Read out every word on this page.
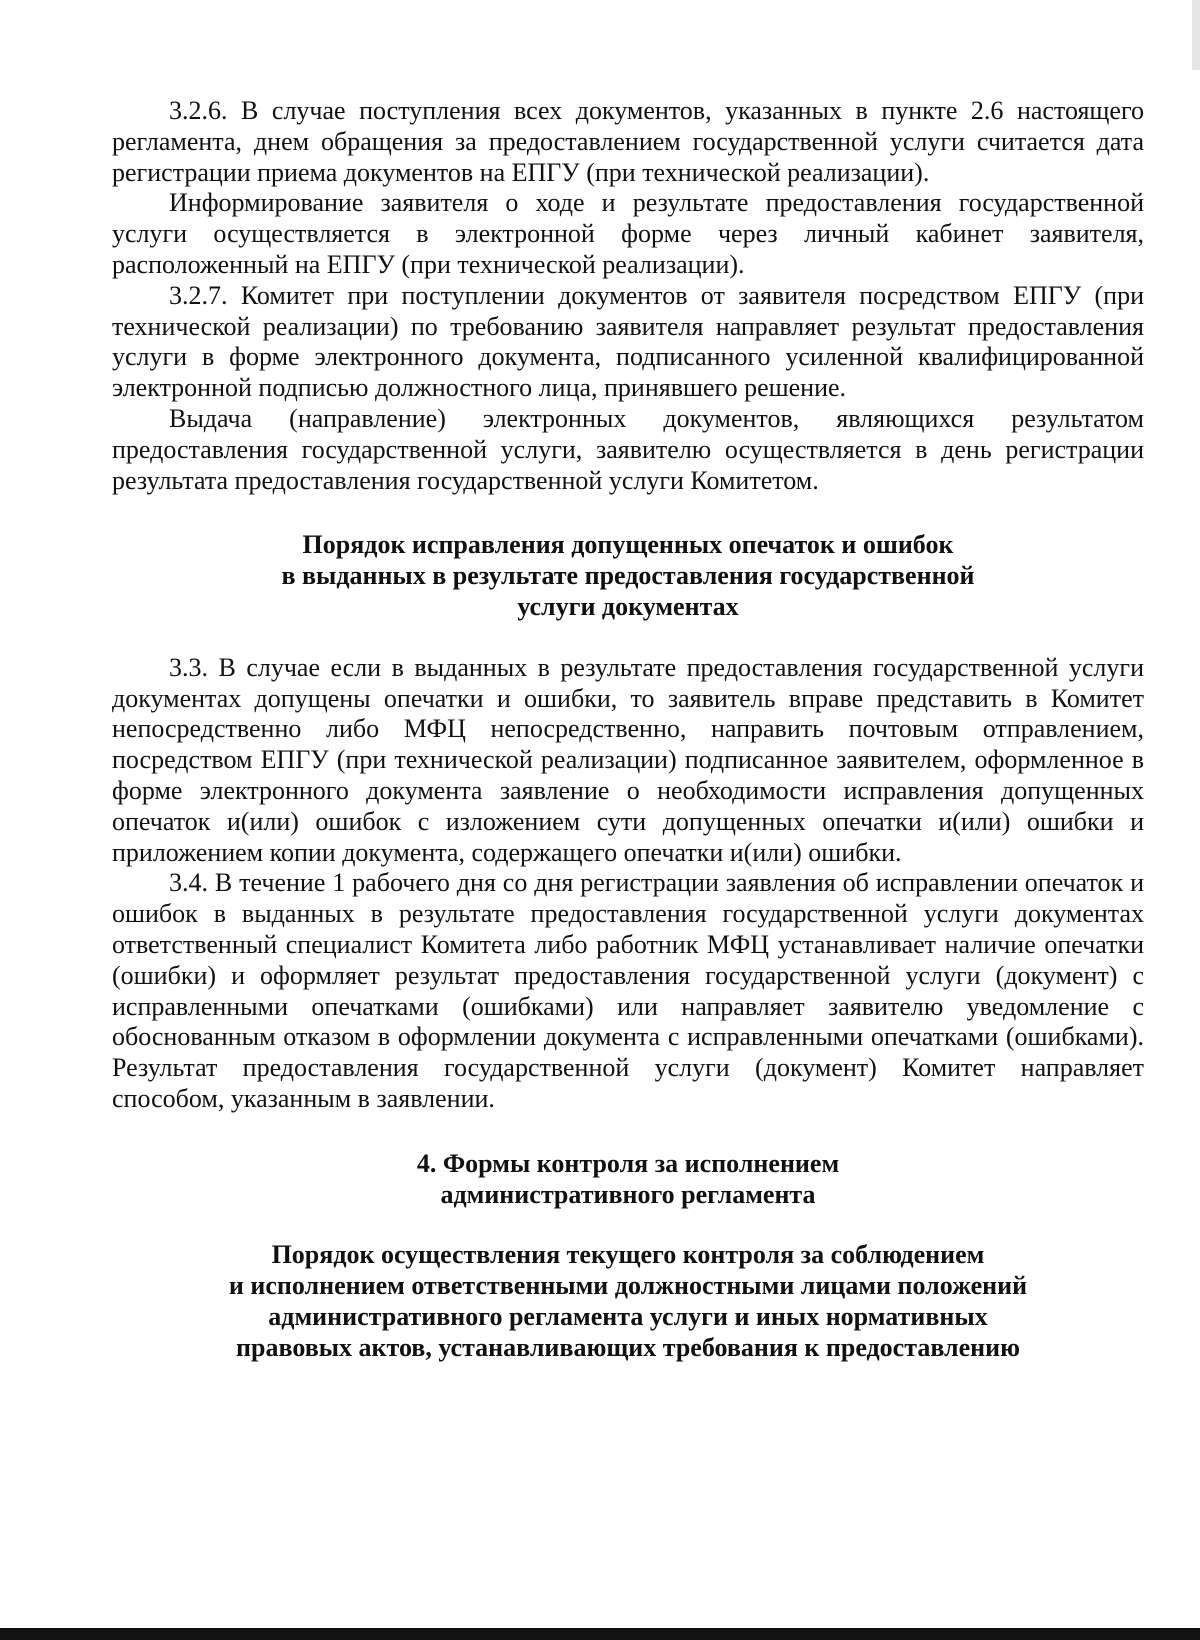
3.2.6. В случае поступления всех документов, указанных в пункте 2.6 настоящего регламента, днем обращения за предоставлением государственной услуги считается дата регистрации приема документов на ЕПГУ (при технической реализации).

Информирование заявителя о ходе и результате предоставления государственной услуги осуществляется в электронной форме через личный кабинет заявителя, расположенный на ЕПГУ (при технической реализации).

3.2.7. Комитет при поступлении документов от заявителя посредством ЕПГУ (при технической реализации) по требованию заявителя направляет результат предоставления услуги в форме электронного документа, подписанного усиленной квалифицированной электронной подписью должностного лица, принявшего решение.

Выдача (направление) электронных документов, являющихся результатом предоставления государственной услуги, заявителю осуществляется в день регистрации результата предоставления государственной услуги Комитетом.

Порядок исправления допущенных опечаток и ошибок
в выданных в результате предоставления государственной
услуги документах

3.3. В случае если в выданных в результате предоставления государственной услуги документах допущены опечатки и ошибки, то заявитель вправе представить в Комитет непосредственно либо МФЦ непосредственно, направить почтовым отправлением, посредством ЕПГУ (при технической реализации) подписанное заявителем, оформленное в форме электронного документа заявление о необходимости исправления допущенных опечаток и(или) ошибок с изложением сути допущенных опечатки и(или) ошибки и приложением копии документа, содержащего опечатки и(или) ошибки.

3.4. В течение 1 рабочего дня со дня регистрации заявления об исправлении опечаток и ошибок в выданных в результате предоставления государственной услуги документах ответственный специалист Комитета либо работник МФЦ устанавливает наличие опечатки (ошибки) и оформляет результат предоставления государственной услуги (документ) с исправленными опечатками (ошибками) или направляет заявителю уведомление с обоснованным отказом в оформлении документа с исправленными опечатками (ошибками). Результат предоставления государственной услуги (документ) Комитет направляет способом, указанным в заявлении.

4. Формы контроля за исполнением
административного регламента
Порядок осуществления текущего контроля за соблюдением
и исполнением ответственными должностными лицами положений
административного регламента услуги и иных нормативных
правовых актов, устанавливающих требования к предоставлению
